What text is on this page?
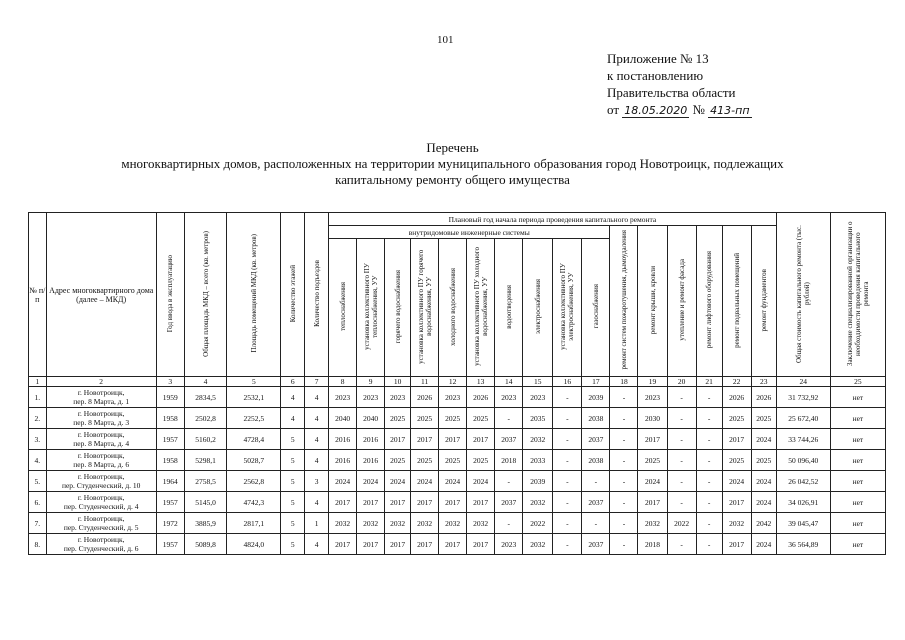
101
Приложение № 13
к постановлению
Правительства области
от 18.05.2020 № 413-пп
Перечень
многоквартирных домов, расположенных на территории муниципального образования город Новотроицк, подлежащих
капитальному ремонту общего имущества
№ п/п	Адрес многоквартирного дома (далее – МКД)	Год ввода в эксплуатацию	Общая площадь МКД – всего (кв. метров)	Площадь помещений МКД (кв. метров)	Количество этажей	Количество подъездов	Плановый год начала периода проведения капитального ремонта																Общая стоимость капитального ремонта (тыс. рублей)	Заключение специализированной организации о необходимости проведения капитального ремонта
							внутридомовые инженерные системы										ремонт систем пожаротушения, дымоудаления	ремонт крыши, кровли	утепление и ремонт фасада	ремонт лифтового оборудования	ремонт подвальных помещений	ремонт фундаментов		
							теплоснабжения	установка коллективного ПУ теплоснабжения, УУ	горячего водоснабжения	установка коллективного ПУ горячего водоснабжения, УУ	холодного водоснабжения	установка коллективного ПУ холодного водоснабжения, УУ	водоотведения	электроснабжения	установка коллективного ПУ электроснабжения, УУ	газоснабжения								
1	2	3	4	5	6	7	8	9	10	11	12	13	14	15	16	17	18	19	20	21	22	23	24	25
1.	г. Новотроицк,
пер. 8 Марта, д. 1	1959	2834,5	2532,1	4	4	2023	2023	2023	2026	2023	2026	2023	2023	-	2039	-	2023	-	-	2026	2026	31 732,92	нет
2.	г. Новотроицк,
пер. 8 Марта, д. 3	1958	2502,8	2252,5	4	4	2040	2040	2025	2025	2025	2025	-	2035	-	2038	-	2030	-	-	2025	2025	25 672,40	нет
3.	г. Новотроицк,
пер. 8 Марта, д. 4	1957	5160,2	4728,4	5	4	2016	2016	2017	2017	2017	2017	2037	2032	-	2037	-	2017	-	-	2017	2024	33 744,26	нет
4.	г. Новотроицк,
пер. 8 Марта, д. 6	1958	5298,1	5028,7	5	4	2016	2016	2025	2025	2025	2025	2018	2033	-	2038	-	2025	-	-	2025	2025	50 096,40	нет
5.	г. Новотроицк,
пер. Студенческий, д. 10	1964	2758,5	2562,8	5	3	2024	2024	2024	2024	2024	2024	-	2039	-	-	-	2024	-	-	2024	2024	26 042,52	нет
6.	г. Новотроицк,
пер. Студенческий, д. 4	1957	5145,0	4742,3	5	4	2017	2017	2017	2017	2017	2017	2037	2032	-	2037	-	2017	-	-	2017	2024	34 026,91	нет
7.	г. Новотроицк,
пер. Студенческий, д. 5	1972	3885,9	2817,1	5	1	2032	2032	2032	2032	2032	2032	-	2022	-	-	-	2032	2022	-	2032	2042	39 045,47	нет
8.	г. Новотроицк,
пер. Студенческий, д. 6	1957	5089,8	4824,0	5	4	2017	2017	2017	2017	2017	2017	2023	2032	-	2037	-	2018	-	-	2017	2024	36 564,89	нет
